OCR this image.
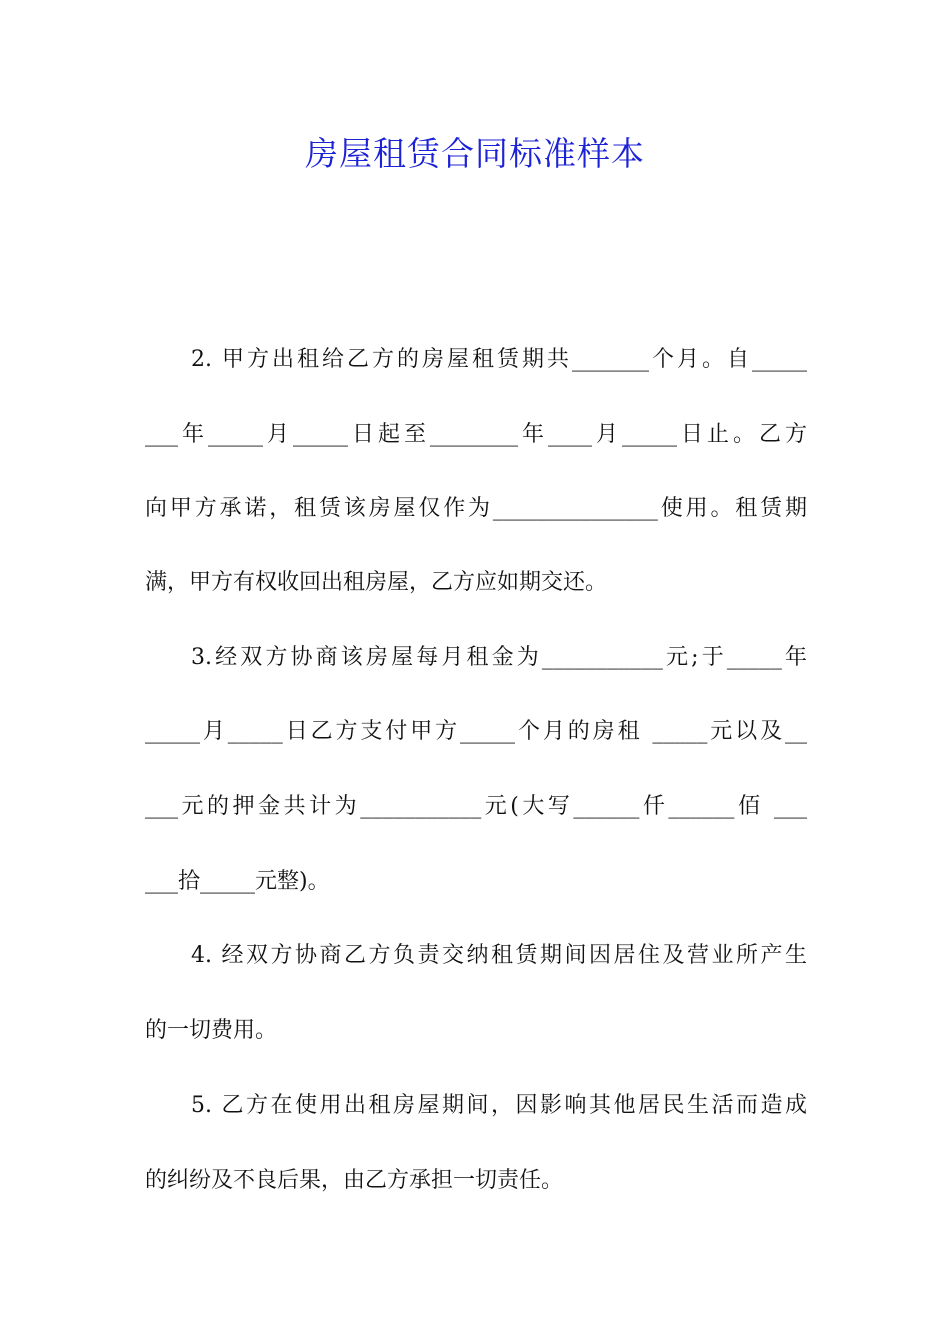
房屋租赁合同标准样本
2. 甲方出租给乙方的房屋租赁期共_______个月。自_____
___年_____月_____日起至________年____月_____日止。乙方
向甲方承诺，租赁该房屋仅作为_______________使用。租赁期
满，甲方有权收回出租房屋，乙方应如期交还。
3.经双方协商该房屋每月租金为___________元;于_____年
_____月_____日乙方支付甲方_____个月的房租 _____元以及__
___元的押金共计为___________元(大写______仟______佰 ___
___拾_____元整)。
4. 经双方协商乙方负责交纳租赁期间因居住及营业所产生
的一切费用。
5. 乙方在使用出租房屋期间，因影响其他居民生活而造成
的纠纷及不良后果，由乙方承担一切责任。
